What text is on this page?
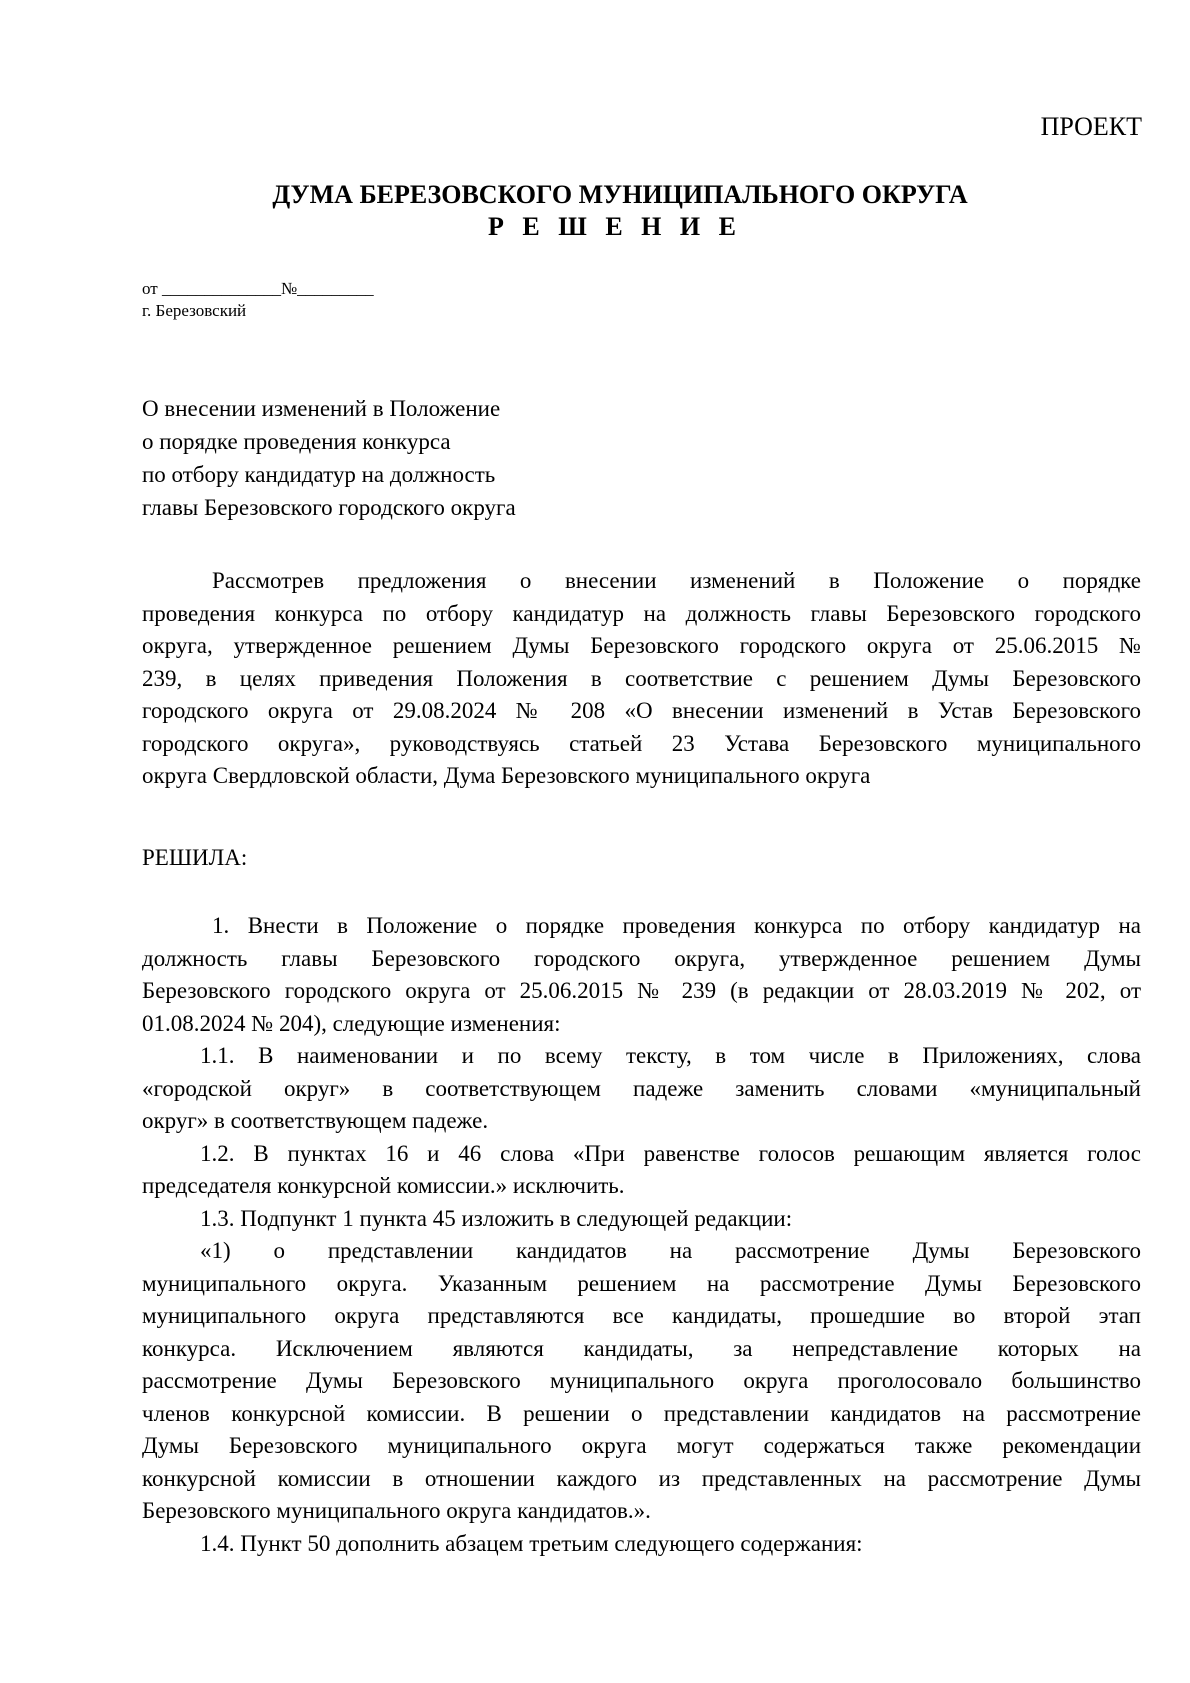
ПРОЕКТ
ДУМА БЕРЕЗОВСКОГО МУНИЦИПАЛЬНОГО ОКРУГА
Р Е Ш Е Н И Е
от ______________№_________
г. Березовский
О внесении изменений в Положение
о порядке проведения конкурса
по отбору кандидатур на должность
главы Березовского городского округа
Рассмотрев предложения о внесении изменений в Положение о порядке
проведения конкурса по отбору кандидатур на должность главы Березовского городского
округа, утвержденное решением Думы Березовского городского округа от 25.06.2015 №
239, в целях приведения Положения в соответствие с решением Думы Березовского
городского округа от 29.08.2024 № 208 «О внесении изменений в Устав Березовского
городского округа», руководствуясь статьей 23 Устава Березовского муниципального
округа Свердловской области, Дума Березовского муниципального округа
РЕШИЛА:
1. Внести в Положение о порядке проведения конкурса по отбору кандидатур на
должность главы Березовского городского округа, утвержденное решением Думы
Березовского городского округа от 25.06.2015 № 239 (в редакции от 28.03.2019 № 202, от
01.08.2024 № 204), следующие изменения:
1.1. В наименовании и по всему тексту, в том числе в Приложениях, слова
«городской округ» в соответствующем падеже заменить словами «муниципальный
округ» в соответствующем падеже.
1.2. В пунктах 16 и 46 слова «При равенстве голосов решающим является голос
председателя конкурсной комиссии.» исключить.
1.3. Подпункт 1 пункта 45 изложить в следующей редакции:
«1) о представлении кандидатов на рассмотрение Думы Березовского
муниципального округа. Указанным решением на рассмотрение Думы Березовского
муниципального округа представляются все кандидаты, прошедшие во второй этап
конкурса. Исключением являются кандидаты, за непредставление которых на
рассмотрение Думы Березовского муниципального округа проголосовало большинство
членов конкурсной комиссии. В решении о представлении кандидатов на рассмотрение
Думы Березовского муниципального округа могут содержаться также рекомендации
конкурсной комиссии в отношении каждого из представленных на рассмотрение Думы
Березовского муниципального округа кандидатов.».
1.4. Пункт 50 дополнить абзацем третьим следующего содержания:
